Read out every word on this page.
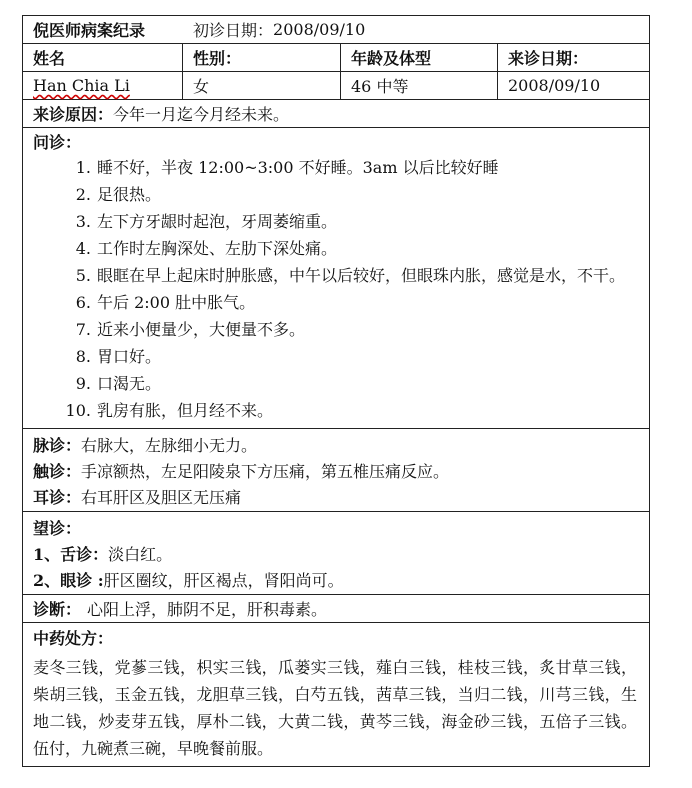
倪医师病案纪录	初诊日期： 2008/09/10
姓名	性别：	年龄及体型	来诊日期：
Han Chia Li	女	46 中等	2008/09/10
来诊原因： 今年一月迄今月经未来。
问诊：
1. 睡不好，半夜 12:00~3:00 不好睡。3am 以后比较好睡
2. 足很热。
3. 左下方牙龈时起泡，牙周萎缩重。
4. 工作时左胸深处、左肋下深处痛。
5. 眼眶在早上起床时肿胀感，中午以后较好，但眼珠内胀，感觉是水，不干。
6. 午后 2:00 肚中胀气。
7. 近来小便量少，大便量不多。
8. 胃口好。
9. 口渴无。
10. 乳房有胀，但月经不来。
脉诊： 右脉大，左脉细小无力。
触诊： 手凉额热，左足阳陵泉下方压痛，第五椎压痛反应。
耳诊： 右耳肝区及胆区无压痛
望诊：
1、舌诊： 淡白红。
2、眼诊 : 肝区圈纹，肝区褐点，肾阳尚可。
诊断： 心阳上浮，肺阴不足，肝积毒素。
中药处方：
麦冬三钱，党蔘三钱，枳实三钱，瓜蒌实三钱，薤白三钱，桂枝三钱，炙甘草三钱，柴胡三钱，玉金五钱，龙胆草三钱，白芍五钱，茜草三钱，当归二钱，川芎三钱，生地二钱，炒麦芽五钱，厚朴二钱，大黄二钱，黄芩三钱，海金砂三钱，五倍子三钱。伍付，九碗煮三碗，早晚餐前服。
